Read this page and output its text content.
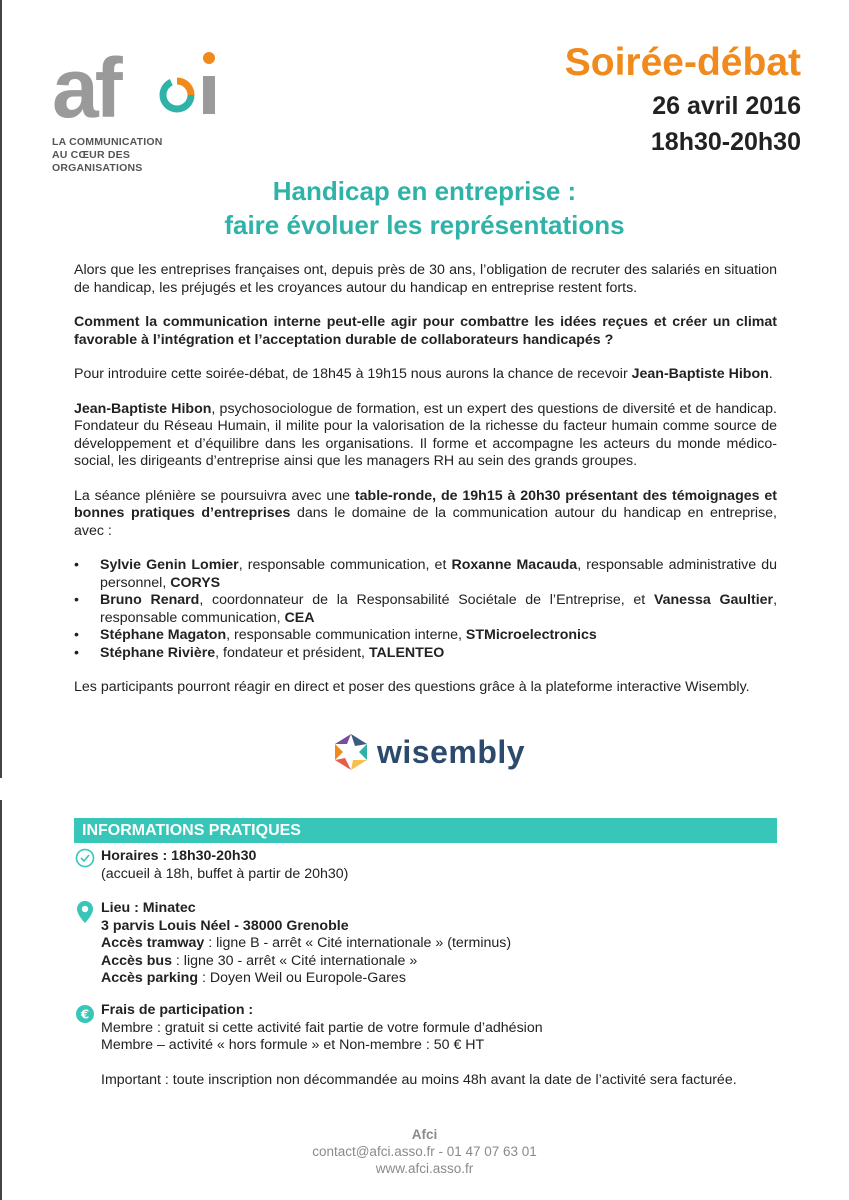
af
LA COMMUNICATION
AU CŒUR DES ORGANISATIONS
Soirée-débat
26 avril 2016
18h30-20h30
Handicap en entreprise :
faire évoluer les représentations

Alors que les entreprises françaises ont, depuis près de 30 ans, l’obligation de recruter des salariés en situation de handicap, les préjugés et les croyances autour du handicap en entreprise restent forts.

Comment la communication interne peut-elle agir pour combattre les idées reçues et créer un climat favorable à l’intégration et l’acceptation durable de collaborateurs handicapés ?

Pour introduire cette soirée-débat, de 18h45 à 19h15 nous aurons la chance de recevoir Jean-Baptiste Hibon.

Jean-Baptiste Hibon, psychosociologue de formation, est un expert des questions de diversité et de handicap. Fondateur du Réseau Humain, il milite pour la valorisation de la richesse du facteur humain comme source de développement et d’équilibre dans les organisations. Il forme et accompagne les acteurs du monde médico-social, les dirigeants d’entreprise ainsi que les managers RH au sein des grands groupes.

La séance plénière se poursuivra avec une table-ronde, de 19h15 à 20h30 présentant des témoignages et bonnes pratiques d’entreprises dans le domaine de la communication autour du handicap en entreprise, avec :

• Sylvie Genin Lomier, responsable communication, et Roxanne Macauda, responsable administrative du personnel, CORYS
• Bruno Renard, coordonnateur de la Responsabilité Sociétale de l’Entreprise, et Vanessa Gaultier, responsable communication, CEA
• Stéphane Magaton, responsable communication interne, STMicroelectronics
• Stéphane Rivière, fondateur et président, TALENTEO

Les participants pourront réagir en direct et poser des questions grâce à la plateforme interactive Wisembly.

wisembly
INFORMATIONS PRATIQUES
Horaires : 18h30-20h30
(accueil à 18h, buffet à partir de 20h30)
Lieu : Minatec
3 parvis Louis Néel - 38000 Grenoble
Accès tramway : ligne B - arrêt « Cité internationale » (terminus)
Accès bus : ligne 30 - arrêt « Cité internationale »
Accès parking : Doyen Weil ou Europole-Gares
€ Frais de participation :
Membre : gratuit si cette activité fait partie de votre formule d’adhésion
Membre – activité « hors formule » et Non-membre : 50 € HT
Important : toute inscription non décommandée au moins 48h avant la date de l’activité sera facturée.
Afci
contact@afci.asso.fr - 01 47 07 63 01
www.afci.asso.fr
